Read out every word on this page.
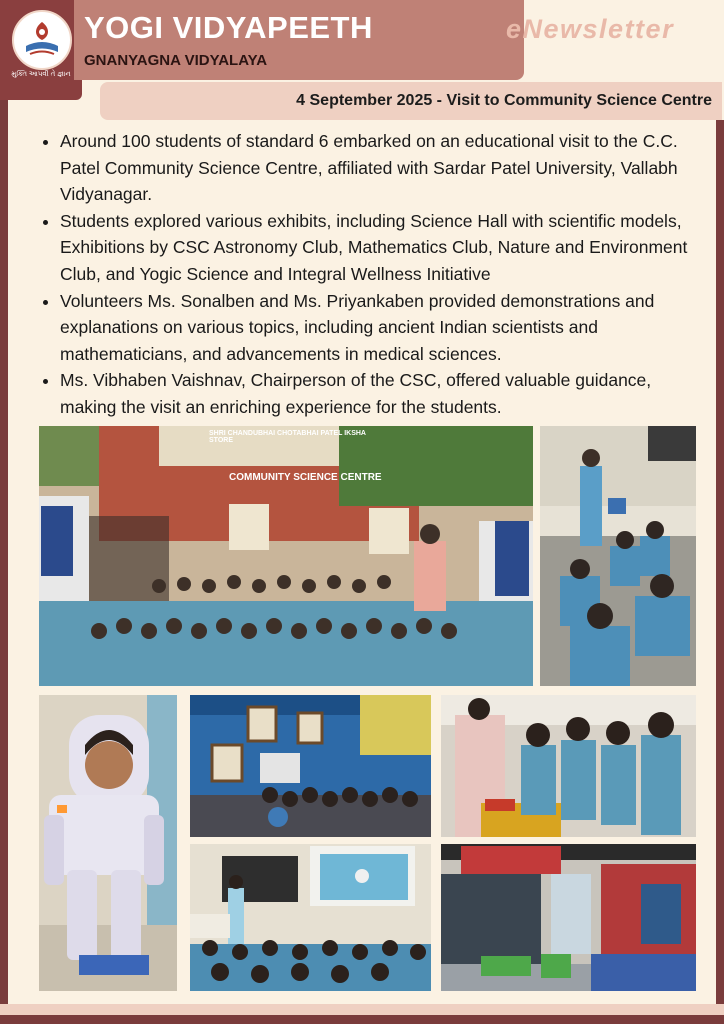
મુક્તિ આપવી તે જ્ઞાન
YOGI VIDYAPEETH
GNANYAGNA VIDYALAYA
eNewsletter
4 September 2025 - Visit to Community Science Centre
• Around 100 students of standard 6 embarked on an educational visit to the C.C. Patel Community Science Centre, affiliated with Sardar Patel University, Vallabh Vidyanagar.
• Students explored various exhibits, including Science Hall with scientific models, Exhibitions by CSC Astronomy Club, Mathematics Club, Nature and Environment Club, and Yogic Science and Integral Wellness Initiative
• Volunteers Ms. Sonalben and Ms. Priyankaben provided demonstrations and explanations on various topics, including ancient Indian scientists and mathematicians, and advancements in medical sciences.
• Ms. Vibhaben Vaishnav, Chairperson of the CSC, offered valuable guidance, making the visit an enriching experience for the students.
SHRI CHANDUBHAI CHOTABHAI PATEL IKSHA STORE
COMMUNITY SCIENCE CENTRE
